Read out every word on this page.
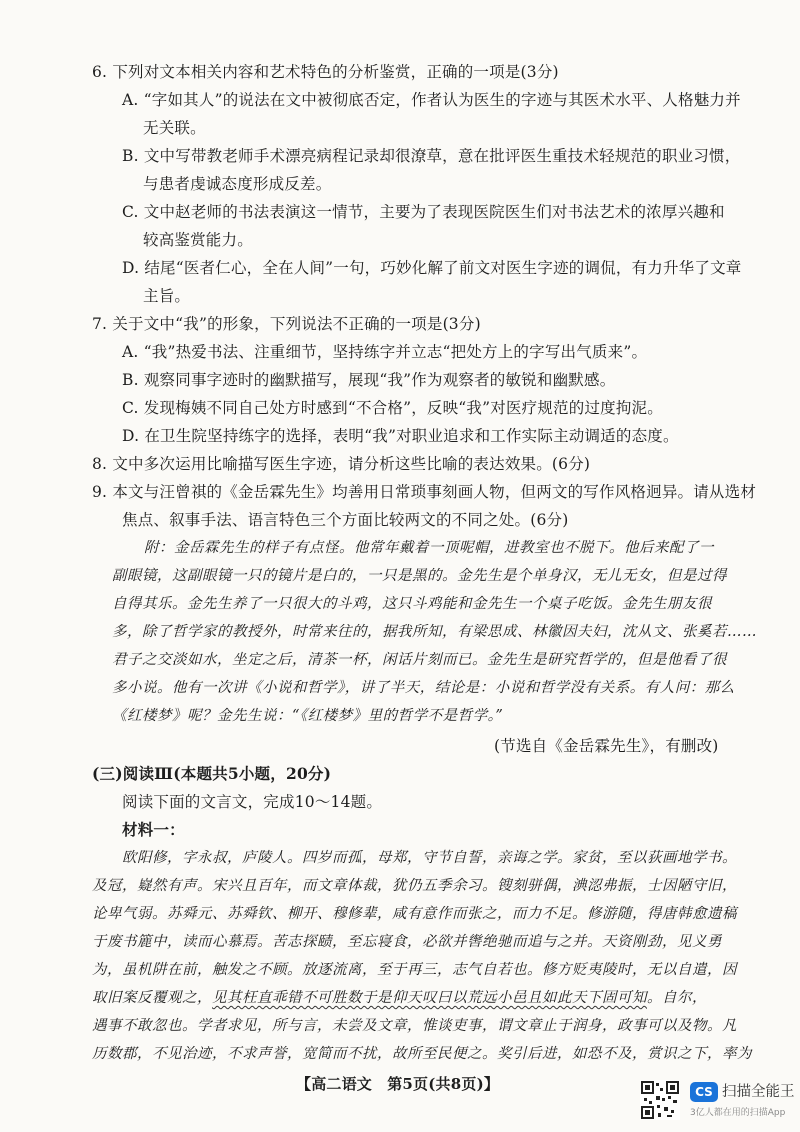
6. 下列对文本相关内容和艺术特色的分析鉴赏，正确的一项是(3分)
A. “字如其人”的说法在文中被彻底否定，作者认为医生的字迹与其医术水平、人格魅力并
无关联。
B. 文中写带教老师手术漂亮病程记录却很潦草，意在批评医生重技术轻规范的职业习惯，
与患者虔诚态度形成反差。
C. 文中赵老师的书法表演这一情节，主要为了表现医院医生们对书法艺术的浓厚兴趣和
较高鉴赏能力。
D. 结尾“医者仁心，全在人间”一句，巧妙化解了前文对医生字迹的调侃，有力升华了文章
主旨。
7. 关于文中“我”的形象，下列说法不正确的一项是(3分)
A. “我”热爱书法、注重细节，坚持练字并立志“把处方上的字写出气质来”。
B. 观察同事字迹时的幽默描写，展现“我”作为观察者的敏锐和幽默感。
C. 发现梅姨不同自己处方时感到“不合格”，反映“我”对医疗规范的过度拘泥。
D. 在卫生院坚持练字的选择，表明“我”对职业追求和工作实际主动调适的态度。
8. 文中多次运用比喻描写医生字迹，请分析这些比喻的表达效果。(6分)
9. 本文与汪曾祺的《金岳霖先生》均善用日常琐事刻画人物，但两文的写作风格迥异。请从选材
焦点、叙事手法、语言特色三个方面比较两文的不同之处。(6分)
附：金岳霖先生的样子有点怪。他常年戴着一顶呢帽，进教室也不脱下。他后来配了一
副眼镜，这副眼镜一只的镜片是白的，一只是黑的。金先生是个单身汉，无儿无女，但是过得
自得其乐。金先生养了一只很大的斗鸡，这只斗鸡能和金先生一个桌子吃饭。金先生朋友很
多，除了哲学家的教授外，时常来往的，据我所知，有梁思成、林徽因夫妇，沈从文、张奚若……
君子之交淡如水，坐定之后，清茶一杯，闲话片刻而已。金先生是研究哲学的，但是他看了很
多小说。他有一次讲《小说和哲学》，讲了半天，结论是：小说和哲学没有关系。有人问：那么
《红楼梦》呢？金先生说：“《红楼梦》里的哲学不是哲学。”
(节选自《金岳霖先生》，有删改)
(三)阅读Ⅲ(本题共5小题，20分)
阅读下面的文言文，完成10～14题。
材料一：
欧阳修，字永叔，庐陵人。四岁而孤，母郑，守节自誓，亲诲之学。家贫，至以荻画地学书。
及冠，嶷然有声。宋兴且百年，而文章体裁，犹仍五季余习。锼刻骈偶，淟涊弗振，士因陋守旧，
论卑气弱。苏舜元、苏舜钦、柳开、穆修辈，咸有意作而张之，而力不足。修游随，得唐韩愈遗稿
于废书簏中，读而心慕焉。苦志探赜，至忘寝食，必欲并辔绝驰而追与之并。天资刚劲，见义勇
为，虽机阱在前，触发之不顾。放逐流离，至于再三，志气自若也。修方贬夷陵时，无以自遣，因
取旧案反覆观之，见其枉直乖错不可胜数于是仰天叹曰以荒远小邑且如此天下固可知。自尔，
遇事不敢忽也。学者求见，所与言，未尝及文章，惟谈吏事，谓文章止于润身，政事可以及物。凡
历数郡，不见治迹，不求声誉，宽简而不扰，故所至民便之。奖引后进，如恐不及，赏识之下，率为
【高二语文　第5页(共8页)】	CS 扫描全能王
3亿人都在用的扫描App
